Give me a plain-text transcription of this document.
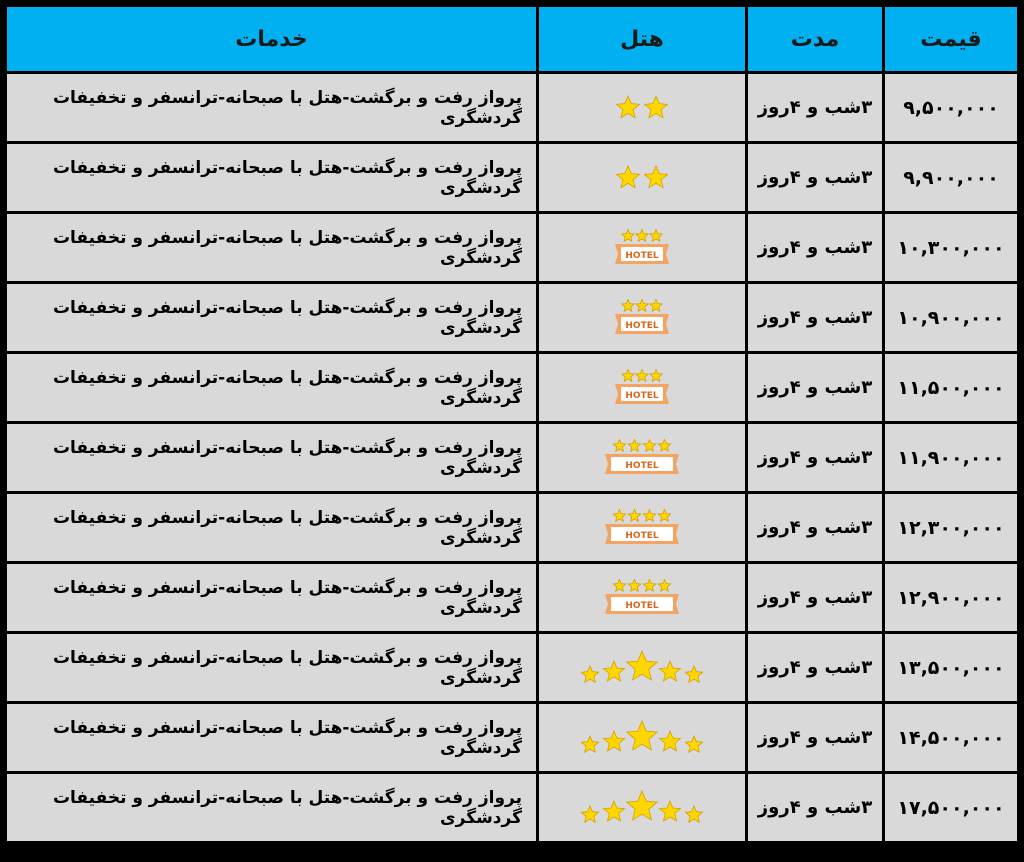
قیمت	مدت	هتل	خدمات
۹,۵۰۰,۰۰۰	۳شب و ۴روز		پرواز رفت و برگشت-هتل با صبحانه-ترانسفر و تخفیفات گردشگری
۹,۹۰۰,۰۰۰	۳شب و ۴روز		پرواز رفت و برگشت-هتل با صبحانه-ترانسفر و تخفیفات گردشگری
۱۰,۳۰۰,۰۰۰	۳شب و ۴روز	HOTEL	پرواز رفت و برگشت-هتل با صبحانه-ترانسفر و تخفیفات گردشگری
۱۰,۹۰۰,۰۰۰	۳شب و ۴روز	HOTEL	پرواز رفت و برگشت-هتل با صبحانه-ترانسفر و تخفیفات گردشگری
۱۱,۵۰۰,۰۰۰	۳شب و ۴روز	HOTEL	پرواز رفت و برگشت-هتل با صبحانه-ترانسفر و تخفیفات گردشگری
۱۱,۹۰۰,۰۰۰	۳شب و ۴روز	HOTEL	پرواز رفت و برگشت-هتل با صبحانه-ترانسفر و تخفیفات گردشگری
۱۲,۳۰۰,۰۰۰	۳شب و ۴روز	HOTEL	پرواز رفت و برگشت-هتل با صبحانه-ترانسفر و تخفیفات گردشگری
۱۲,۹۰۰,۰۰۰	۳شب و ۴روز	HOTEL	پرواز رفت و برگشت-هتل با صبحانه-ترانسفر و تخفیفات گردشگری
۱۳,۵۰۰,۰۰۰	۳شب و ۴روز		پرواز رفت و برگشت-هتل با صبحانه-ترانسفر و تخفیفات گردشگری
۱۴,۵۰۰,۰۰۰	۳شب و ۴روز		پرواز رفت و برگشت-هتل با صبحانه-ترانسفر و تخفیفات گردشگری
۱۷,۵۰۰,۰۰۰	۳شب و ۴روز		پرواز رفت و برگشت-هتل با صبحانه-ترانسفر و تخفیفات گردشگری
